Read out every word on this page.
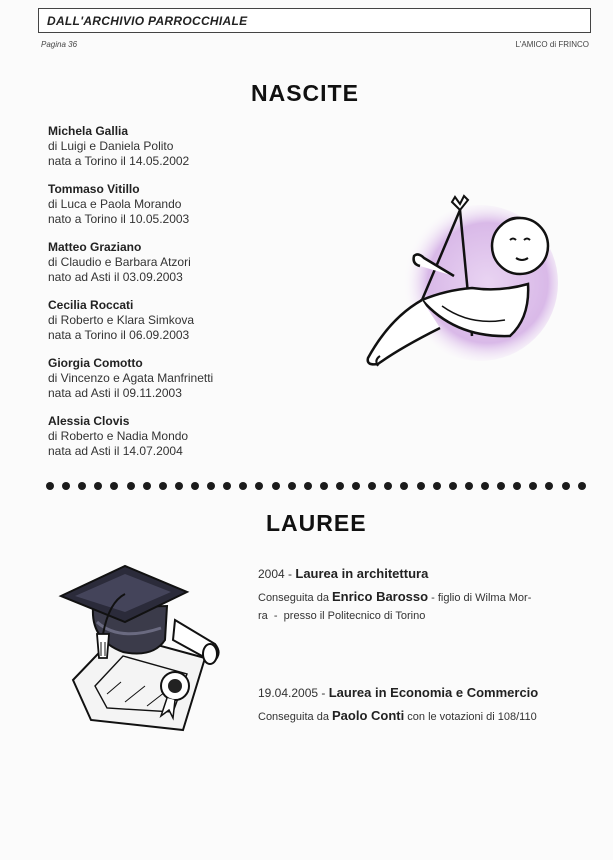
DALL'ARCHIVIO PARROCCHIALE
Pagina 36	L'AMICO di FRINCO
NASCITE
Michela Gallia
di Luigi e Daniela Polito
nata a Torino il 14.05.2002
Tommaso Vitillo
di Luca e Paola Morando
nato a Torino il 10.05.2003
Matteo Graziano
di Claudio e Barbara Atzori
nato ad Asti il 03.09.2003
Cecilia Roccati
di Roberto e Klara Simkova
nata a Torino il 06.09.2003
Giorgia Comotto
di Vincenzo e Agata Manfrinetti
nata ad Asti il 09.11.2003
Alessia Clovis
di Roberto e Nadia Mondo
nata ad Asti il 14.07.2004
LAUREE
2004 - Laurea in architettura
Conseguita da Enrico Barosso - figlio di Wilma Mor-
ra  -  presso il Politecnico di Torino
19.04.2005 - Laurea in Economia e Commercio
Conseguita da Paolo Conti con le votazioni di 108/110
